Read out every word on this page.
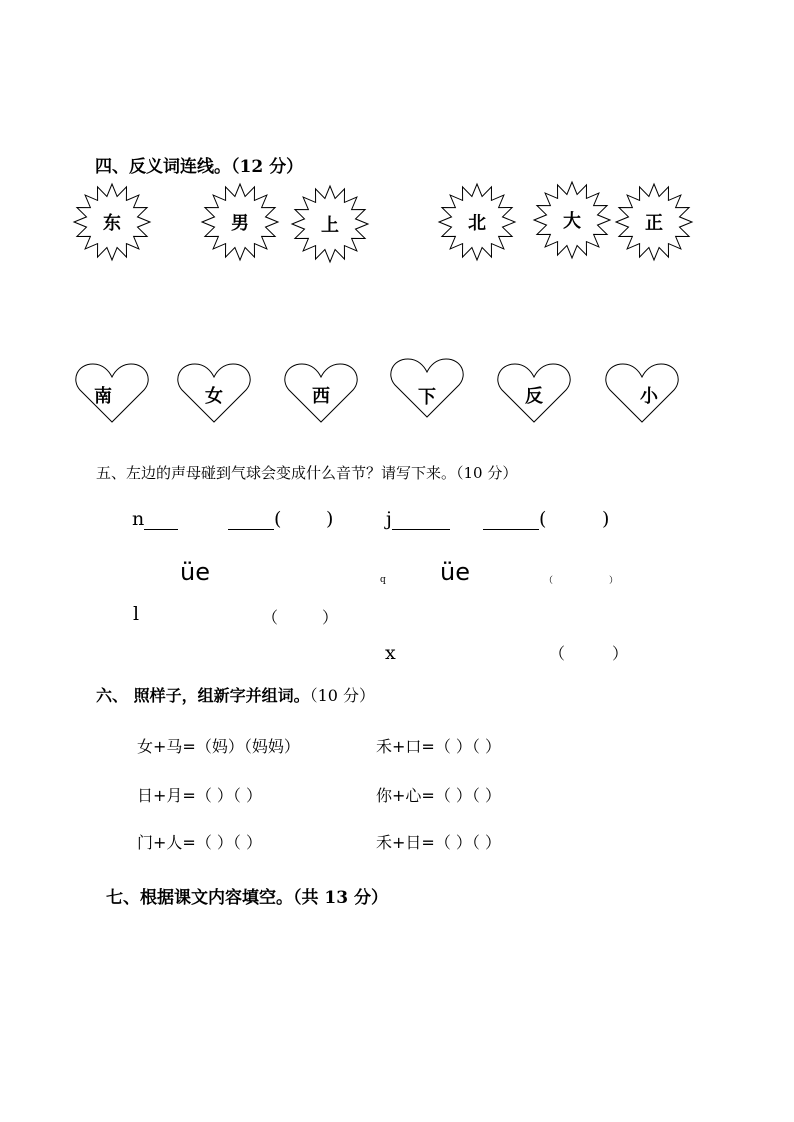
四、反义词连线。（12 分）
东	男	上	北	大	正
南	女	西	下	反	小
五、左边的声母碰到气球会变成什么音节？请写下来。（10 分）
n	( )	j	(	)
üe	q üe	（	）
l	（	）
x	（	）
六、 照样子，组新字并组词。（10 分）
女+马=（妈）（妈妈）	禾+口=（ ）（ ）
日+月=（ ）（ ）	你+心=（ ）（ ）
门+人=（ ）（ ）	禾+日=（ ）（ ）
七、根据课文内容填空。（共 13 分）
